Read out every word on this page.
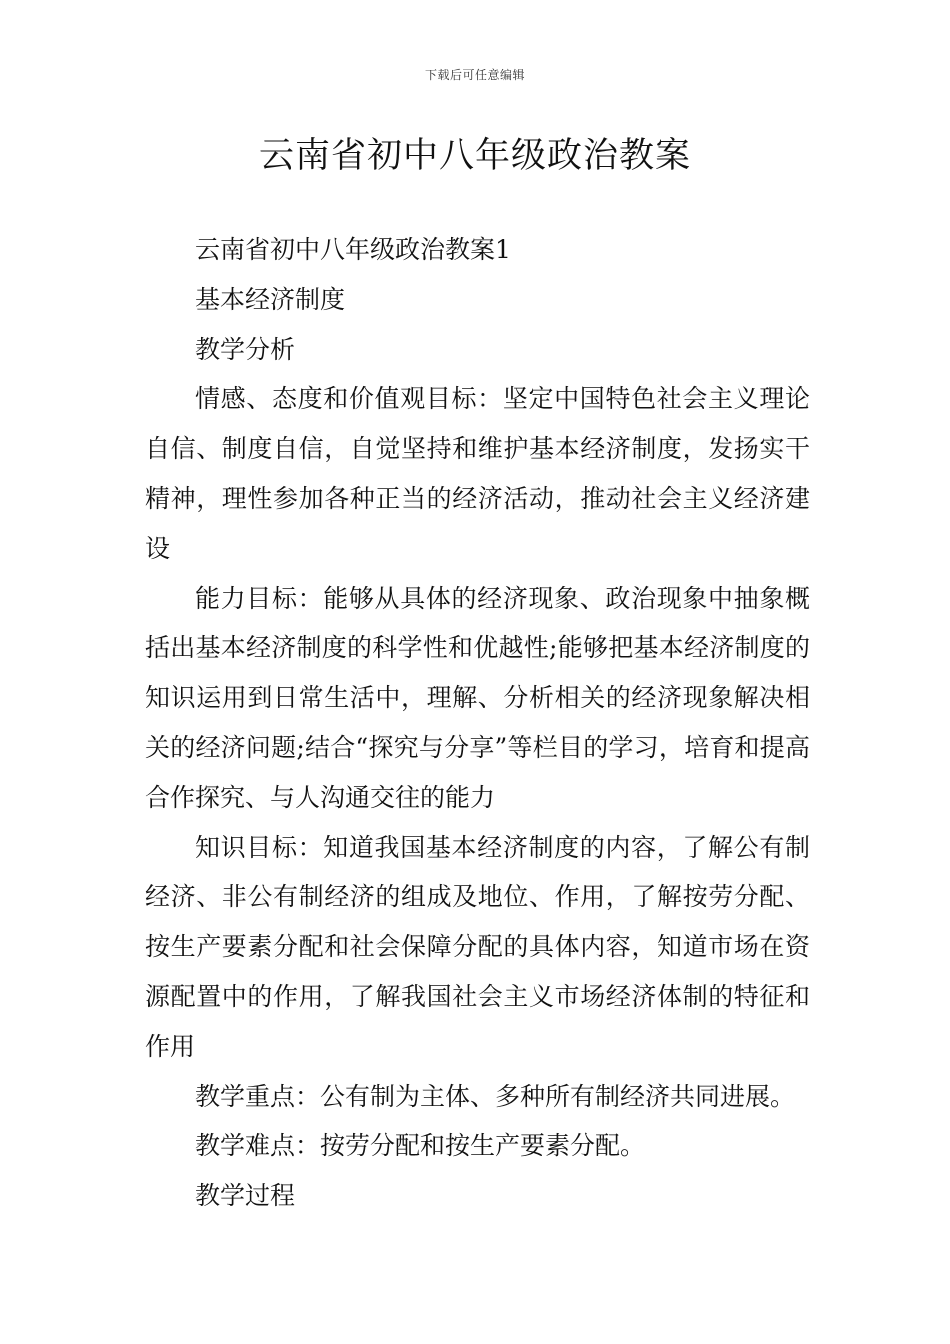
下载后可任意编辑
云南省初中八年级政治教案

云南省初中八年级政治教案1

基本经济制度

教学分析

情感、态度和价值观目标：坚定中国特色社会主义理论自信、制度自信，自觉坚持和维护基本经济制度，发扬实干精神，理性参加各种正当的经济活动，推动社会主义经济建设

能力目标：能够从具体的经济现象、政治现象中抽象概括出基本经济制度的科学性和优越性;能够把基本经济制度的知识运用到日常生活中，理解、分析相关的经济现象解决相关的经济问题;结合“探究与分享”等栏目的学习，培育和提高合作探究、与人沟通交往的能力

知识目标：知道我国基本经济制度的内容，了解公有制经济、非公有制经济的组成及地位、作用，了解按劳分配、按生产要素分配和社会保障分配的具体内容，知道市场在资源配置中的作用，了解我国社会主义市场经济体制的特征和作用

教学重点：公有制为主体、多种所有制经济共同进展。

教学难点：按劳分配和按生产要素分配。

教学过程
